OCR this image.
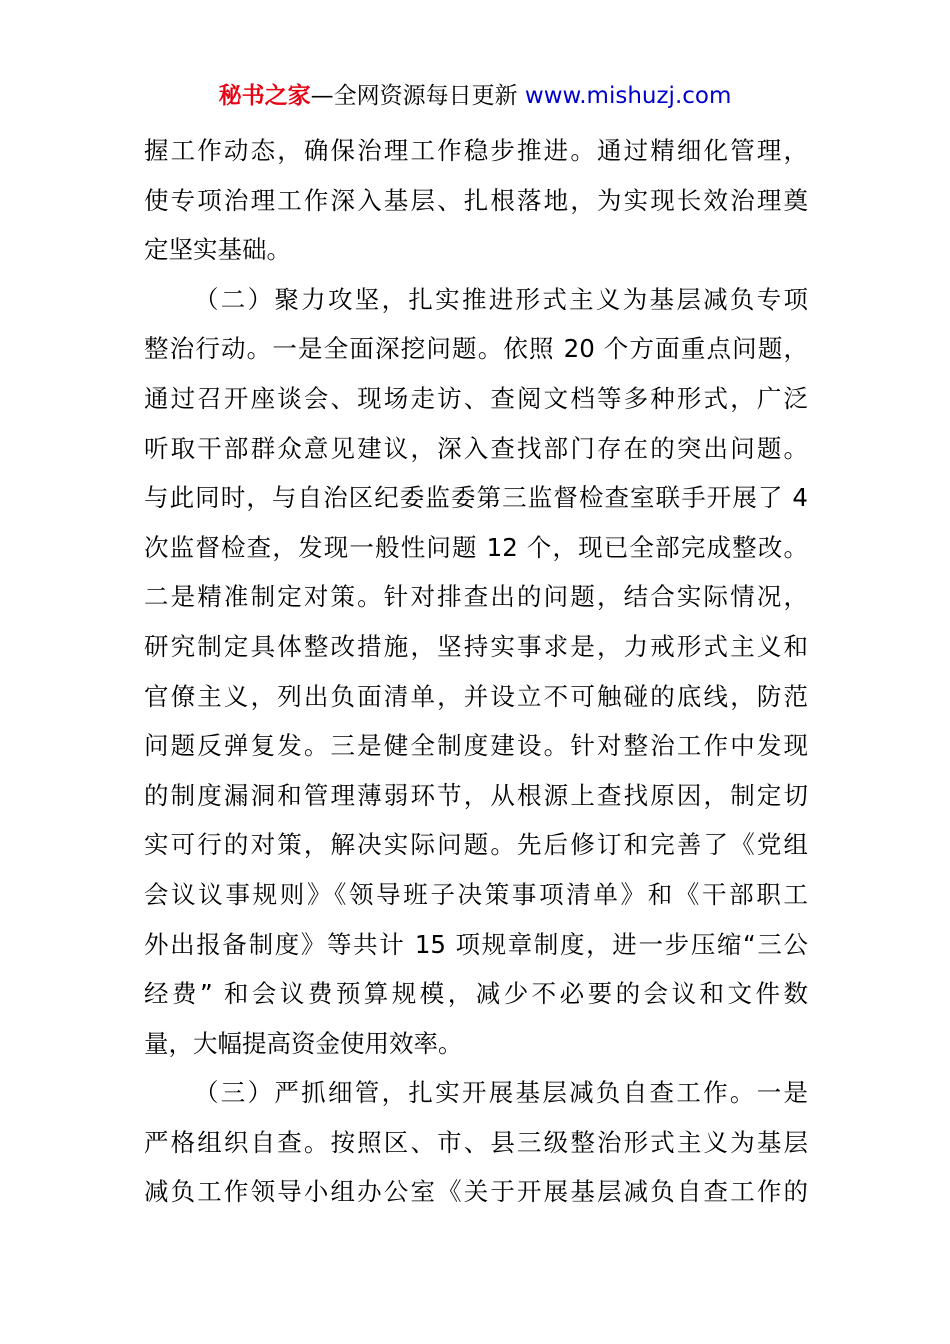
秘书之家—全网资源每日更新 www.mishuzj.com
握工作动态，确保治理工作稳步推进。通过精细化管理，
使专项治理工作深入基层、扎根落地，为实现长效治理奠
定坚实基础。
（二）聚力攻坚，扎实推进形式主义为基层减负专项
整治行动。一是全面深挖问题。依照 20 个方面重点问题，
通过召开座谈会、现场走访、查阅文档等多种形式，广泛
听取干部群众意见建议，深入查找部门存在的突出问题。
与此同时，与自治区纪委监委第三监督检查室联手开展了 4
次监督检查，发现一般性问题 12 个，现已全部完成整改。
二是精准制定对策。针对排查出的问题，结合实际情况，
研究制定具体整改措施，坚持实事求是，力戒形式主义和
官僚主义，列出负面清单，并设立不可触碰的底线，防范
问题反弹复发。三是健全制度建设。针对整治工作中发现
的制度漏洞和管理薄弱环节，从根源上查找原因，制定切
实可行的对策，解决实际问题。先后修订和完善了《党组
会议议事规则》《领导班子决策事项清单》和《干部职工
外出报备制度》等共计 15 项规章制度，进一步压缩“三公
经费” 和会议费预算规模，减少不必要的会议和文件数
量，大幅提高资金使用效率。
（三）严抓细管，扎实开展基层减负自查工作。一是
严格组织自查。按照区、市、县三级整治形式主义为基层
减负工作领导小组办公室《关于开展基层减负自查工作的
